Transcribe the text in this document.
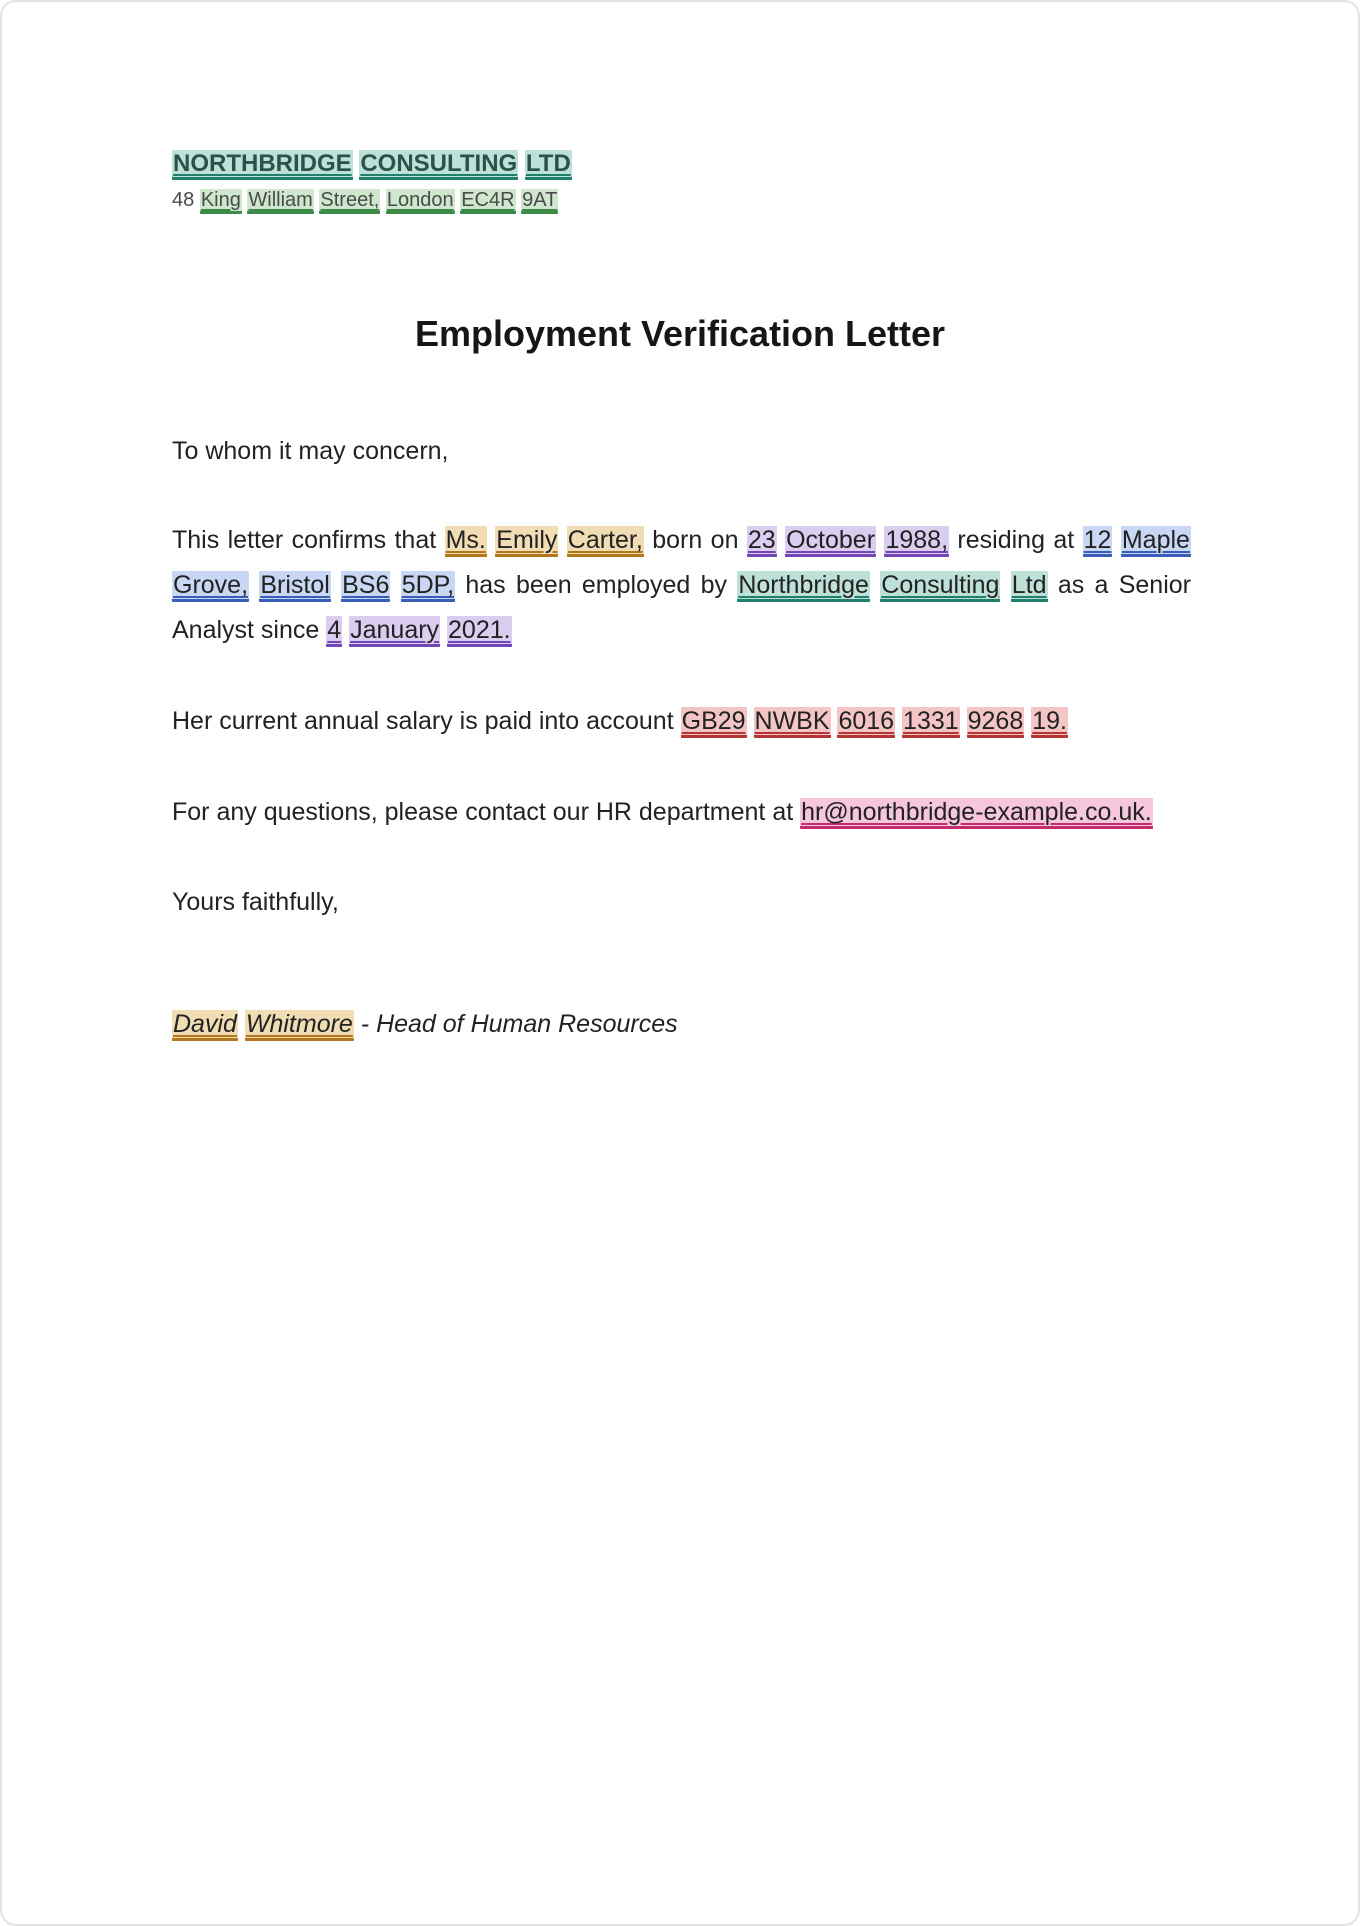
NORTHBRIDGE CONSULTING LTD
48 King William Street, London EC4R 9AT
Employment Verification Letter

To whom it may concern,

This letter confirms that Ms. Emily Carter, born on 23 October 1988, residing at 12 Maple Grove, Bristol BS6 5DP, has been employed by Northbridge Consulting Ltd as a Senior Analyst since 4 January 2021.

Her current annual salary is paid into account GB29 NWBK 6016 1331 9268 19.

For any questions, please contact our HR department at hr@northbridge-example.co.uk.

Yours faithfully,

David Whitmore - Head of Human Resources
